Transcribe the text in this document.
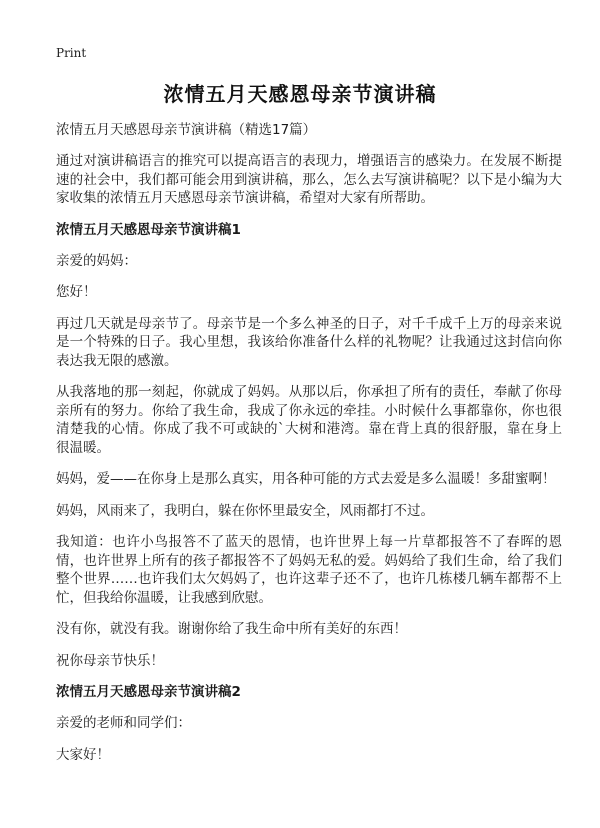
Print
浓情五月天感恩母亲节演讲稿

浓情五月天感恩母亲节演讲稿（精选17篇）

通过对演讲稿语言的推究可以提高语言的表现力，增强语言的感染力。在发展不断提速的社会中，我们都可能会用到演讲稿，那么，怎么去写演讲稿呢？以下是小编为大家收集的浓情五月天感恩母亲节演讲稿，希望对大家有所帮助。

浓情五月天感恩母亲节演讲稿1

亲爱的妈妈：

您好！

再过几天就是母亲节了。母亲节是一个多么神圣的日子，对千千成千上万的母亲来说是一个特殊的日子。我心里想，我该给你准备什么样的礼物呢？让我通过这封信向你表达我无限的感激。

从我落地的那一刻起，你就成了妈妈。从那以后，你承担了所有的责任，奉献了你母亲所有的努力。你给了我生命，我成了你永远的牵挂。小时候什么事都靠你，你也很清楚我的心情。你成了我不可或缺的`大树和港湾。靠在背上真的很舒服，靠在身上很温暖。

妈妈，爱——在你身上是那么真实，用各种可能的方式去爱是多么温暖！多甜蜜啊！

妈妈，风雨来了，我明白，躲在你怀里最安全，风雨都打不过。

我知道：也许小鸟报答不了蓝天的恩情，也许世界上每一片草都报答不了春晖的恩情，也许世界上所有的孩子都报答不了妈妈无私的爱。妈妈给了我们生命，给了我们整个世界……也许我们太欠妈妈了，也许这辈子还不了，也许几栋楼几辆车都帮不上忙，但我给你温暖，让我感到欣慰。

没有你，就没有我。谢谢你给了我生命中所有美好的东西！

祝你母亲节快乐！

浓情五月天感恩母亲节演讲稿2

亲爱的老师和同学们：

大家好！
